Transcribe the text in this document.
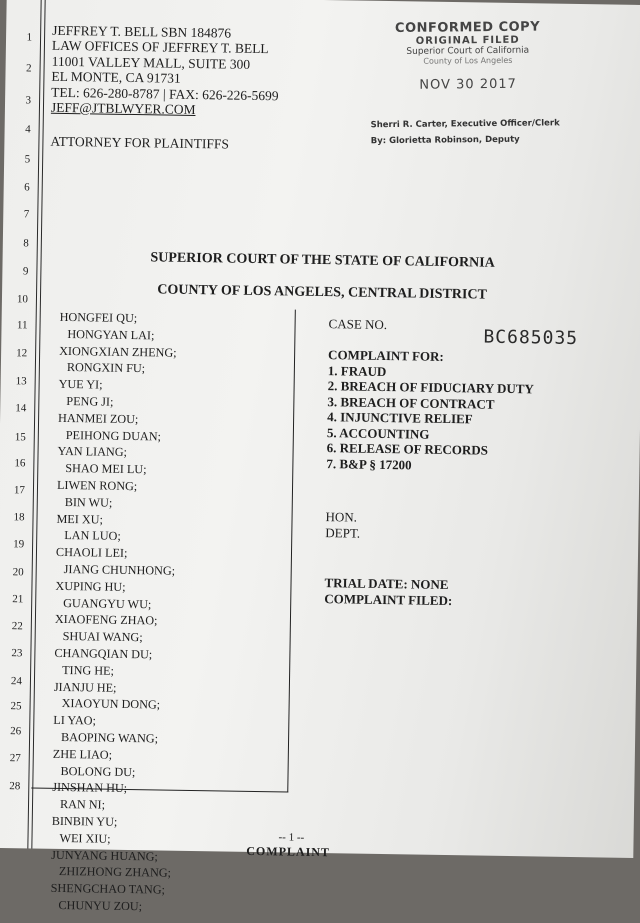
1
2
3
4
5
6
7
8
9
10
11
12
13
14
15
16
17
18
19
20
21
22
23
24
25
26
27
28
JEFFREY T. BELL SBN 184876
LAW OFFICES OF JEFFREY T. BELL
11001 VALLEY MALL, SUITE 300
EL MONTE, CA 91731
TEL: 626-280-8787 | FAX: 626-226-5699
JEFF@JTBLWYER.COM
ATTORNEY FOR PLAINTIFFS
CONFORMED COPY
ORIGINAL FILED
Superior Court of California
County of Los Angeles
NOV 30 2017
Sherri R. Carter, Executive Officer/Clerk
By: Glorietta Robinson, Deputy
SUPERIOR COURT OF THE STATE OF CALIFORNIA
COUNTY OF LOS ANGELES, CENTRAL DISTRICT
HONGFEI QU;
HONGYAN LAI;
XIONGXIAN ZHENG;
RONGXIN FU;
YUE YI;
PENG JI;
HANMEI ZOU;
PEIHONG DUAN;
YAN LIANG;
SHAO MEI LU;
LIWEN RONG;
BIN WU;
MEI XU;
LAN LUO;
CHAOLI LEI;
JIANG CHUNHONG;
XUPING HU;
GUANGYU WU;
XIAOFENG ZHAO;
SHUAI WANG;
CHANGQIAN DU;
TING HE;
JIANJU HE;
XIAOYUN DONG;
LI YAO;
BAOPING WANG;
ZHE LIAO;
BOLONG DU;
JINSHAN HU;
RAN NI;
BINBIN YU;
WEI XIU;
JUNYANG HUANG;
ZHIZHONG ZHANG;
SHENGCHAO TANG;
CHUNYU ZOU;
CASE NO.
BC685035
COMPLAINT FOR:
1. FRAUD
2. BREACH OF FIDUCIARY DUTY
3. BREACH OF CONTRACT
4. INJUNCTIVE RELIEF
5. ACCOUNTING
6. RELEASE OF RECORDS
7. B&P § 17200
HON.
DEPT.
TRIAL DATE: NONE
COMPLAINT FILED:
-- 1 --
COMPLAINT
